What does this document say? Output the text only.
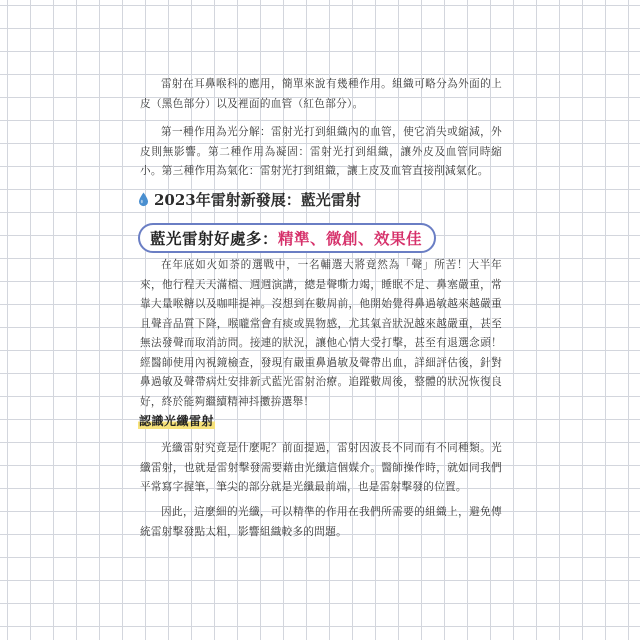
雷射在耳鼻喉科的應用，簡單來說有幾種作用。組織可略分為外面的上皮（黑色部分）以及裡面的血管（紅色部分）。

第一種作用為光分解：雷射光打到組織內的血管，使它消失或縮減，外皮則無影響。第二種作用為凝固：雷射光打到組織，讓外皮及血管同時縮小。第三種作用為氣化：雷射光打到組織，讓上皮及血管直接削減氣化。

2023年雷射新發展：藍光雷射
藍光雷射好處多： 精準、微創、效果佳

在年底如火如荼的選戰中，一名輔選大將竟然為「聲」所苦！大半年來，他行程天天滿檔、週週演講，總是聲嘶力竭，睡眠不足、鼻塞嚴重，常靠大量喉糖以及咖啡提神。沒想到在數周前，他開始覺得鼻過敏越來越嚴重且聲音品質下降，喉嚨常會有痰或異物感，尤其氣音狀況越來越嚴重，甚至無法發聲而取消訪問。接連的狀況，讓他心情大受打擊，甚至有退選念頭！經醫師使用內視鏡檢查，發現有嚴重鼻過敏及聲帶出血，詳細評估後，針對鼻過敏及聲帶病灶安排新式藍光雷射治療。追蹤數周後，整體的狀況恢復良好，終於能夠繼續精神抖擻拚選舉！

認識光纖雷射

光纖雷射究竟是什麼呢？前面提過，雷射因波長不同而有不同種類。光纖雷射，也就是雷射擊發需要藉由光纖這個媒介。醫師操作時，就如同我們平常寫字握筆，筆尖的部分就是光纖最前端，也是雷射擊發的位置。

因此，這麼細的光纖，可以精準的作用在我們所需要的組織上，避免傳統雷射擊發點太粗，影響組織較多的問題。
